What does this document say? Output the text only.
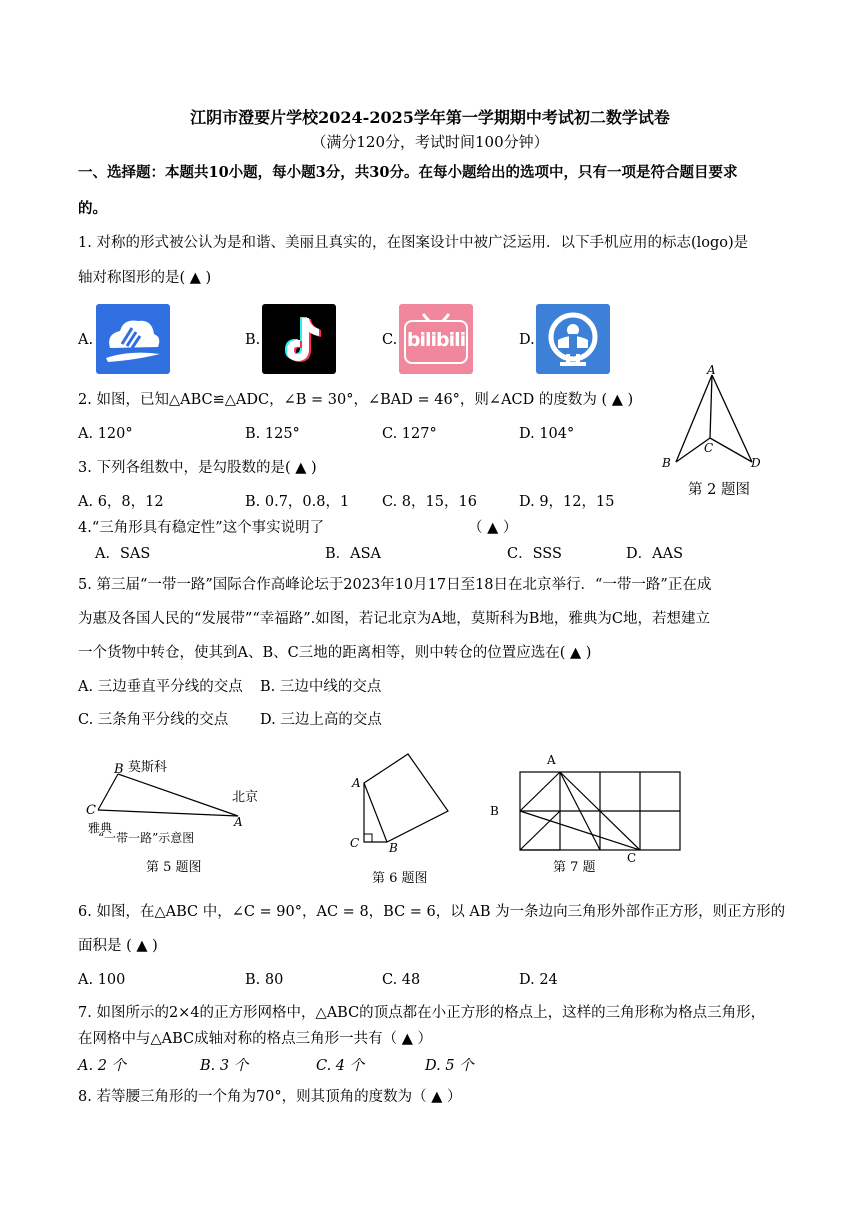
江阴市澄要片学校2024-2025学年第一学期期中考试初二数学试卷
（满分120分，考试时间100分钟）
一、选择题：本题共10小题，每小题3分，共30分。在每小题给出的选项中，只有一项是符合题目要求
的。
1. 对称的形式被公认为是和谐、美丽且真实的，在图案设计中被广泛运用．以下手机应用的标志(logo)是
轴对称图形的是( ▲ )
A.	B.	C. bilibili	D.
2. 如图，已知△ABC≌△ADC，∠B = 30°，∠BAD = 46°，则∠ACD 的度数为 ( ▲ )
A. 120°	B. 125°	C. 127°	D. 104°
A
B
C
D
第 2 题图
3. 下列各组数中，是勾股数的是( ▲ )
A. 6，8，12	B. 0.7，0.8，1 C. 8，15，16	D. 9，12，15
4.“三角形具有稳定性”这个事实说明了	（ ▲ ）
A．SAS	B．ASA	C．SSS	D．AAS
5. 第三届“一带一路”国际合作高峰论坛于2023年10月17日至18日在北京举行．“一带一路”正在成
为惠及各国人民的“发展带”“幸福路”.如图，若记北京为A地，莫斯科为B地，雅典为C地，若想建立
一个货物中转仓，使其到A、B、C三地的距离相等，则中转仓的位置应选在( ▲ )
A. 三边垂直平分线的交点 B. 三边中线的交点
C. 三条角平分线的交点 D. 三边上高的交点
B 莫斯科
C
雅典	A
北京
“一带一路”示意图
第 5 题图
A
C B
第 6 题图
A
B
C
第 7 题
6. 如图，在△ABC 中，∠C = 90°，AC = 8，BC = 6，以 AB 为一条边向三角形外部作正方形，则正方形的
面积是 ( ▲ )
A. 100	B. 80	C. 48	D. 24
7. 如图所示的2×4的正方形网格中，△ABC的顶点都在小正方形的格点上，这样的三角形称为格点三角形，
在网格中与△ABC成轴对称的格点三角形一共有（ ▲ ）
A. 2 个	B. 3 个	C. 4 个	D. 5 个
8. 若等腰三角形的一个角为70°，则其顶角的度数为（ ▲ ）
